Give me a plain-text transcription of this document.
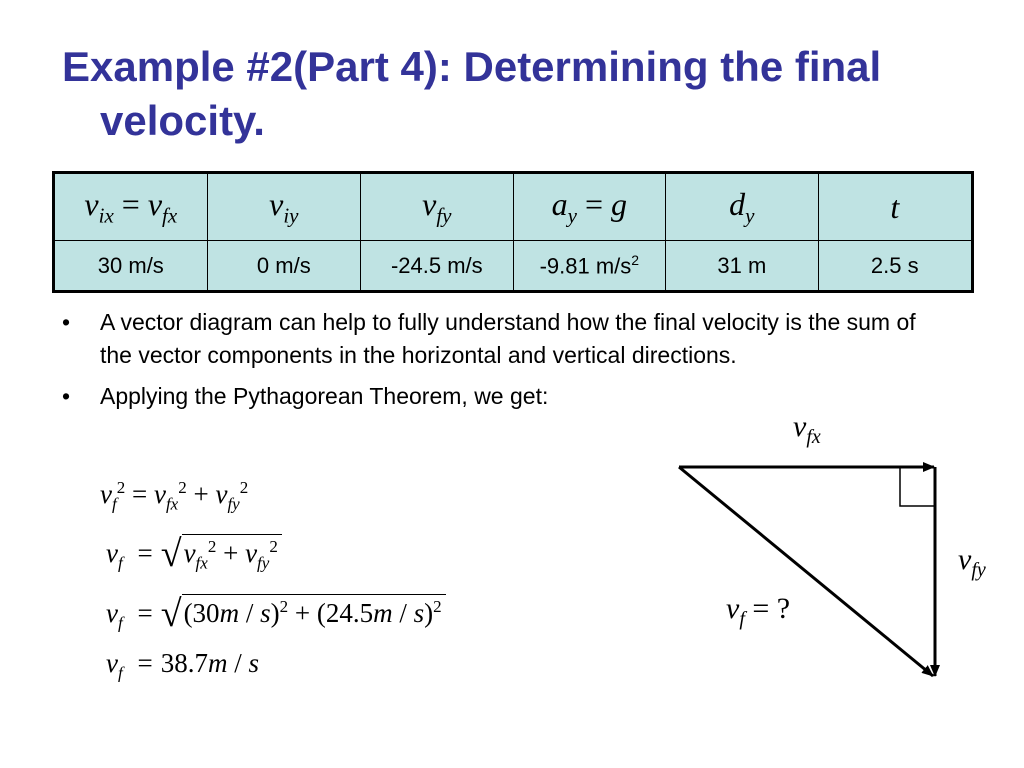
Example #2(Part 4): Determining the final
velocity.
$v_{ix} = v_{fx}$	$v_{iy}$	$v_{fy}$	$a_y = g$	$d_y$	t
30 m/s	0 m/s	-24.5 m/s	-9.81 $m/s^2$	31 m	2.5 s
• A vector diagram can help to fully understand how the final velocity is the sum of the vector components in the horizontal and vertical directions.
• Applying the Pythagorean Theorem, we get:
$v_f^2 = v_{fx}^2 + v_{fy}^2$
$v_f = √v_{fx}^2 + v_{fy}^2$
$v_f = √(30m / s)^2 + (24.5m / s)^2$
$v_f = 38.7m / s$
$v_{fx}$
$v_{fy}$
$v_f$ = ?
